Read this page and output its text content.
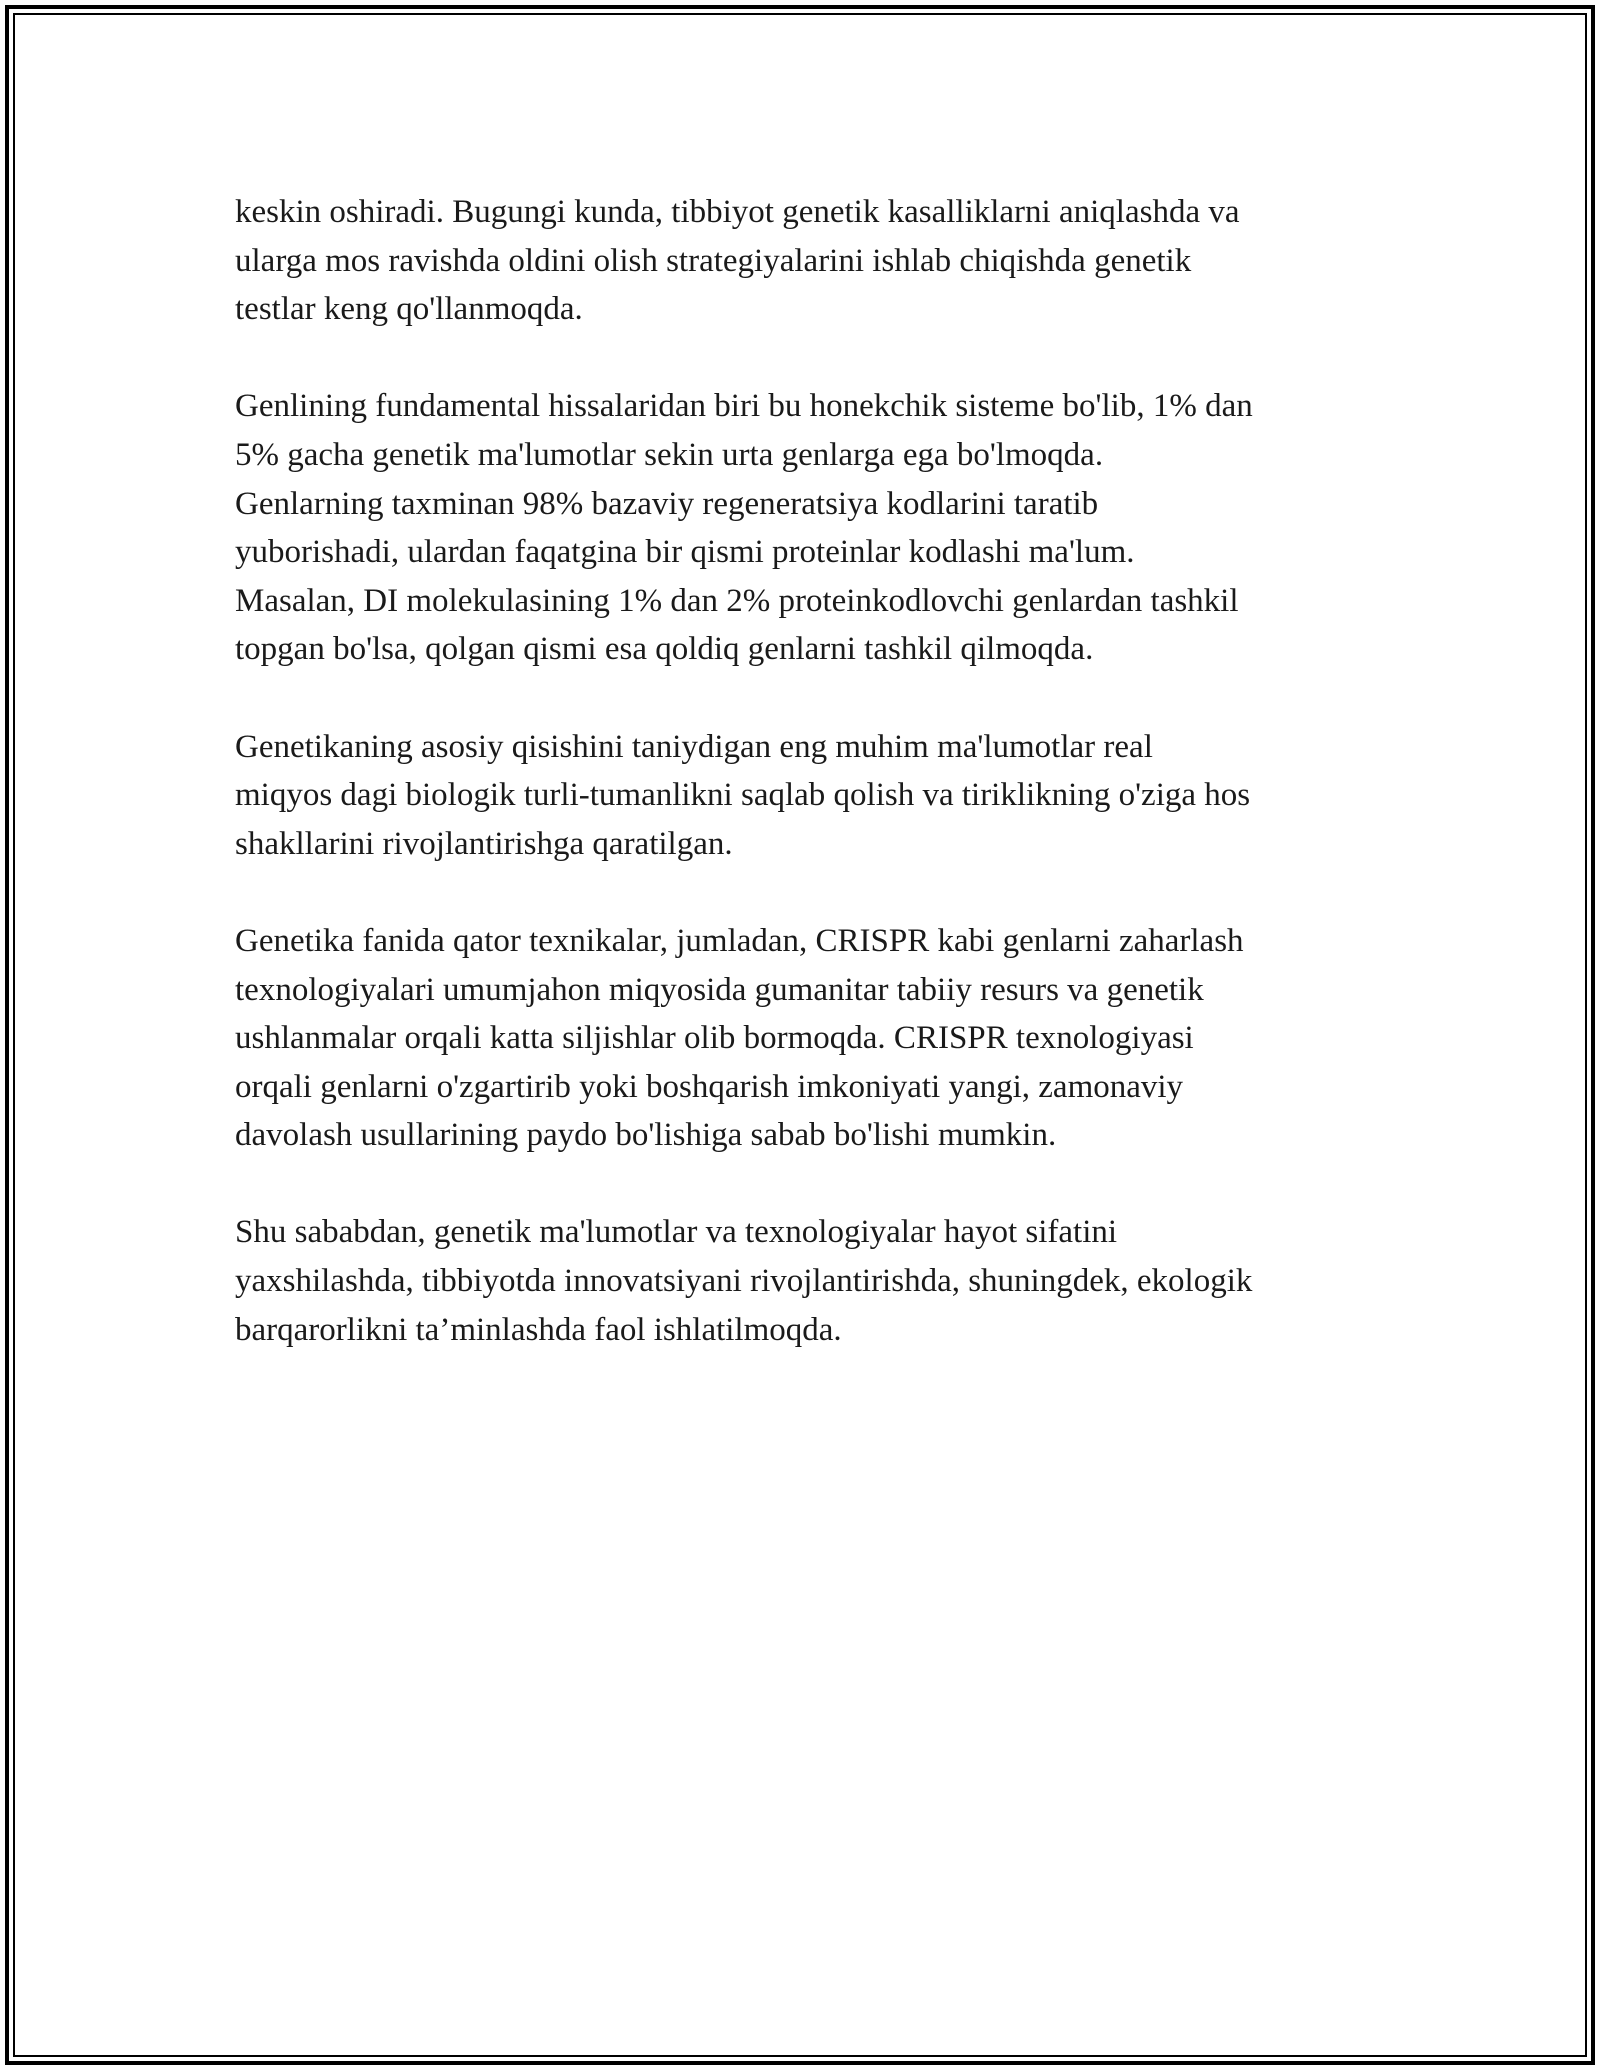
keskin oshiradi. Bugungi kunda, tibbiyot genetik kasalliklarni aniqlashda va
ularga mos ravishda oldini olish strategiyalarini ishlab chiqishda genetik
testlar keng qo'llanmoqda.

Genlining fundamental hissalaridan biri bu honekchik sisteme bo'lib, 1% dan
5% gacha genetik ma'lumotlar sekin urta genlarga ega bo'lmoqda.
Genlarning taxminan 98% bazaviy regeneratsiya kodlarini taratib
yuborishadi, ulardan faqatgina bir qismi proteinlar kodlashi ma'lum.
Masalan, DI molekulasining 1% dan 2% proteinkodlovchi genlardan tashkil
topgan bo'lsa, qolgan qismi esa qoldiq genlarni tashkil qilmoqda.

Genetikaning asosiy qisishini taniydigan eng muhim ma'lumotlar real
miqyos dagi biologik turli-tumanlikni saqlab qolish va tiriklikning o'ziga hos
shakllarini rivojlantirishga qaratilgan.

Genetika fanida qator texnikalar, jumladan, CRISPR kabi genlarni zaharlash
texnologiyalari umumjahon miqyosida gumanitar tabiiy resurs va genetik
ushlanmalar orqali katta siljishlar olib bormoqda. CRISPR texnologiyasi
orqali genlarni o'zgartirib yoki boshqarish imkoniyati yangi, zamonaviy
davolash usullarining paydo bo'lishiga sabab bo'lishi mumkin.

Shu sababdan, genetik ma'lumotlar va texnologiyalar hayot sifatini
yaxshilashda, tibbiyotda innovatsiyani rivojlantirishda, shuningdek, ekologik
barqarorlikni ta’minlashda faol ishlatilmoqda.
